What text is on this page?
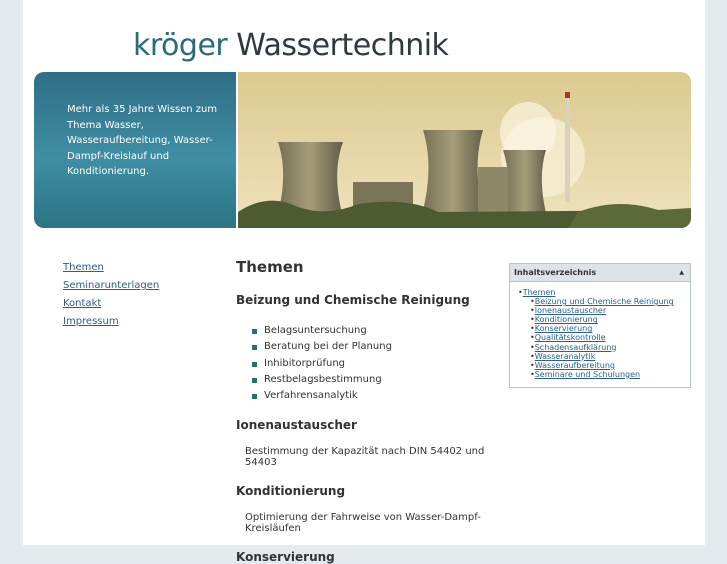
kröger Wassertechnik
Mehr als 35 Jahre Wissen zum Thema Wasser, Wasseraufbereitung, Wasser-Dampf-Kreislauf und Konditionierung.
Themen
Seminarunterlagen
Kontakt
Impressum
Themen
Beizung und Chemische Reinigung
Belagsuntersuchung
Beratung bei der Planung
Inhibitorprüfung
Restbelagsbestimmung
Verfahrensanalytik
Ionenaustauscher
Bestimmung der Kapazität nach DIN 54402 und 54403
Konditionierung
Optimierung der Fahrweise von Wasser-Dampf-Kreisläufen
Konservierung
Inhaltsverzeichnis	▲
•Themen
•Beizung und Chemische Reinigung
•Ionenaustauscher
•Konditionierung
•Konservierung
•Qualitätskontrolle
•Schadensaufklärung
•Wasseranalytik
•Wasseraufbereitung
•Seminare und Schulungen
